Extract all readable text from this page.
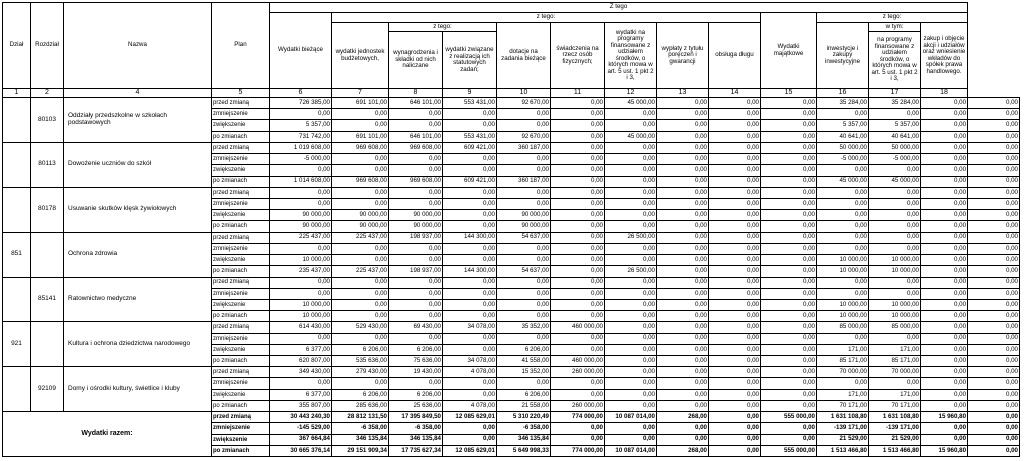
Dział	Rozdział	Nazwa	Plan	Z tego													
				Wydatki bieżące	z tego:								Wydatki majątkowe	z tego:			
					wydatki jednostek budżetowych,	z tego:		dotacje na zadania bieżące	świadczenia na rzecz osób fizycznych;	wydatki na programy finansowane z udziałem środków, o których mowa w art. 5 ust. 1 pkt 2 i 3,	wypłaty z tytułu poręczeń i gwarancji	obsługa długu		inwestycje i zakupy inwestycyjne	w tym:	zakup i objęcie akcji i udziałów oraz wniesienie wkładów do spółek prawa handlowego.	
						wynagrodzenia i składki od nich naliczane	wydatki związane z realizacją ich statutowych zadań;								na programy finansowane z udziałem środków, o których mowa w art. 5 ust. 1 pkt 2 i 3,		
1	2	4	5	6	7	8	9	10	11	12	13	14	15	16	17	18	
	80103	Oddziały przedszkolne w szkołach podstawowych	przed zmianą	726 385,00	691 101,00	646 101,00	553 431,00	92 670,00	0,00	45 000,00	0,00	0,00	0,00	35 284,00	35 284,00	0,00	0,00
			zmniejszenie	0,00	0,00	0,00	0,00	0,00	0,00	0,00	0,00	0,00	0,00	0,00	0,00	0,00	0,00
			zwiększenie	5 357,00	0,00	0,00	0,00	0,00	0,00	0,00	0,00	0,00	0,00	5 357,00	5 357,00	0,00	0,00
			po zmianach	731 742,00	691 101,00	646 101,00	553 431,00	92 670,00	0,00	45 000,00	0,00	0,00	0,00	40 641,00	40 641,00	0,00	0,00
	80113	Dowożenie uczniów do szkół	przed zmianą	1 019 608,00	969 608,00	969 608,00	609 421,00	360 187,00	0,00	0,00	0,00	0,00	0,00	50 000,00	50 000,00	0,00	0,00
			zmniejszenie	-5 000,00	0,00	0,00	0,00	0,00	0,00	0,00	0,00	0,00	0,00	-5 000,00	-5 000,00	0,00	0,00
			zwiększenie	0,00	0,00	0,00	0,00	0,00	0,00	0,00	0,00	0,00	0,00	0,00	0,00	0,00	0,00
			po zmianach	1 014 608,00	969 608,00	969 608,00	609 421,00	360 187,00	0,00	0,00	0,00	0,00	0,00	45 000,00	45 000,00	0,00	0,00
	80178	Usuwanie skutków klęsk żywiołowych	przed zmianą	0,00	0,00	0,00	0,00	0,00	0,00	0,00	0,00	0,00	0,00	0,00	0,00	0,00	0,00
			zmniejszenie	0,00	0,00	0,00	0,00	0,00	0,00	0,00	0,00	0,00	0,00	0,00	0,00	0,00	0,00
			zwiększenie	90 000,00	90 000,00	90 000,00	0,00	90 000,00	0,00	0,00	0,00	0,00	0,00	0,00	0,00	0,00	0,00
			po zmianach	90 000,00	90 000,00	90 000,00	0,00	90 000,00	0,00	0,00	0,00	0,00	0,00	0,00	0,00	0,00	0,00
851		Ochrona zdrowia	przed zmianą	225 437,00	225 437,00	198 937,00	144 300,00	54 637,00	0,00	26 500,00	0,00	0,00	0,00	0,00	0,00	0,00	0,00
			zmniejszenie	0,00	0,00	0,00	0,00	0,00	0,00	0,00	0,00	0,00	0,00	0,00	0,00	0,00	0,00
			zwiększenie	10 000,00	0,00	0,00	0,00	0,00	0,00	0,00	0,00	0,00	0,00	10 000,00	10 000,00	0,00	0,00
			po zmianach	235 437,00	225 437,00	198 937,00	144 300,00	54 637,00	0,00	26 500,00	0,00	0,00	0,00	10 000,00	10 000,00	0,00	0,00
	85141	Ratownictwo medyczne	przed zmianą	0,00	0,00	0,00	0,00	0,00	0,00	0,00	0,00	0,00	0,00	0,00	0,00	0,00	0,00
			zmniejszenie	0,00	0,00	0,00	0,00	0,00	0,00	0,00	0,00	0,00	0,00	0,00	0,00	0,00	0,00
			zwiększenie	10 000,00	0,00	0,00	0,00	0,00	0,00	0,00	0,00	0,00	0,00	10 000,00	10 000,00	0,00	0,00
			po zmianach	10 000,00	0,00	0,00	0,00	0,00	0,00	0,00	0,00	0,00	0,00	10 000,00	10 000,00	0,00	0,00
921		Kultura i ochrona dziedzictwa narodowego	przed zmianą	614 430,00	529 430,00	69 430,00	34 078,00	35 352,00	460 000,00	0,00	0,00	0,00	0,00	85 000,00	85 000,00	0,00	0,00
			zmniejszenie	0,00	0,00	0,00	0,00	0,00	0,00	0,00	0,00	0,00	0,00	0,00	0,00	0,00	0,00
			zwiększenie	6 377,00	6 206,00	6 206,00	0,00	6 206,00	0,00	0,00	0,00	0,00	0,00	171,00	171,00	0,00	0,00
			po zmianach	620 807,00	535 636,00	75 636,00	34 078,00	41 558,00	460 000,00	0,00	0,00	0,00	0,00	85 171,00	85 171,00	0,00	0,00
	92109	Domy i ośrodki kultury, świetlice i kluby	przed zmianą	349 430,00	279 430,00	19 430,00	4 078,00	15 352,00	260 000,00	0,00	0,00	0,00	0,00	70 000,00	70 000,00	0,00	0,00
			zmniejszenie	0,00	0,00	0,00	0,00	0,00	0,00	0,00	0,00	0,00	0,00	0,00	0,00	0,00	0,00
			zwiększenie	6 377,00	6 206,00	6 206,00	0,00	6 206,00	0,00	0,00	0,00	0,00	0,00	171,00	171,00	0,00	0,00
			po zmianach	355 807,00	285 636,00	25 636,00	4 078,00	21 558,00	260 000,00	0,00	0,00	0,00	0,00	70 171,00	70 171,00	0,00	0,00
Wydatki razem:			przed zmianą	30 443 240,30	28 812 131,50	17 395 849,50	12 085 629,01	5 310 220,49	774 000,00	10 087 014,00	268,00	0,00	555 000,00	1 631 108,80	1 631 108,80	15 960,80	0,00
			zmniejszenie	-145 529,00	-6 358,00	-6 358,00	0,00	-6 358,00	0,00	0,00	0,00	0,00	0,00	-139 171,00	-139 171,00	0,00	0,00
			zwiększenie	367 664,84	346 135,84	346 135,84	0,00	346 135,84	0,00	0,00	0,00	0,00	0,00	21 529,00	21 529,00	0,00	0,00
			po zmianach	30 665 376,14	29 151 909,34	17 735 627,34	12 085 629,01	5 649 998,33	774 000,00	10 087 014,00	268,00	0,00	555 000,00	1 513 466,80	1 513 466,80	15 960,80	0,00
